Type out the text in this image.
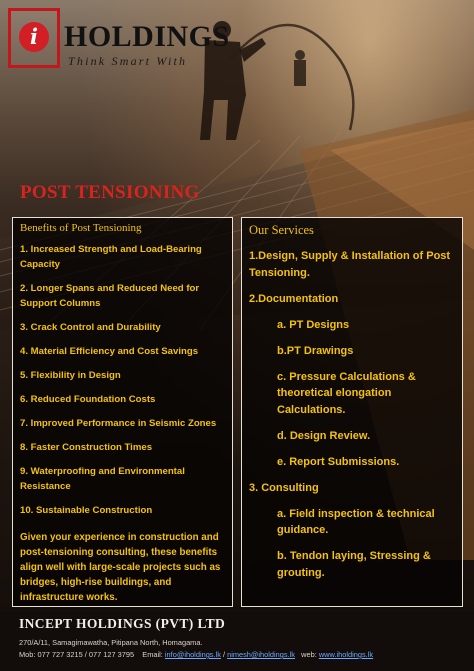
i HOLDINGS
Think Smart With
POST TENSIONING
Benefits of Post Tensioning
1. Increased Strength and Load-Bearing Capacity
2. Longer Spans and Reduced Need for Support Columns
3. Crack Control and Durability
4. Material Efficiency and Cost Savings
5. Flexibility in Design
6. Reduced Foundation Costs
7. Improved Performance in Seismic Zones
8. Faster Construction Times
9. Waterproofing and Environmental Resistance
10. Sustainable Construction
Given your experience in construction and post-tensioning consulting, these benefits align well with large-scale projects such as bridges, high-rise buildings, and infrastructure works.
Our Services
1.Design, Supply & Installation of Post Tensioning.
2.Documentation
a. PT Designs
b.PT Drawings
c. Pressure Calculations & theoretical elongation Calculations.
d. Design Review.
e. Report Submissions.
3. Consulting
a. Field inspection & technical guidance.
b. Tendon laying, Stressing & grouting.
INCEPT HOLDINGS (PVT) LTD
270/A/11, Samagimawatha, Pitipana North, Homagama.
Mob: 077 727 3215 / 077 127 3795 Email: info@iholdings.lk / nimesh@iholdings.lk web: www.iholdings.lk
